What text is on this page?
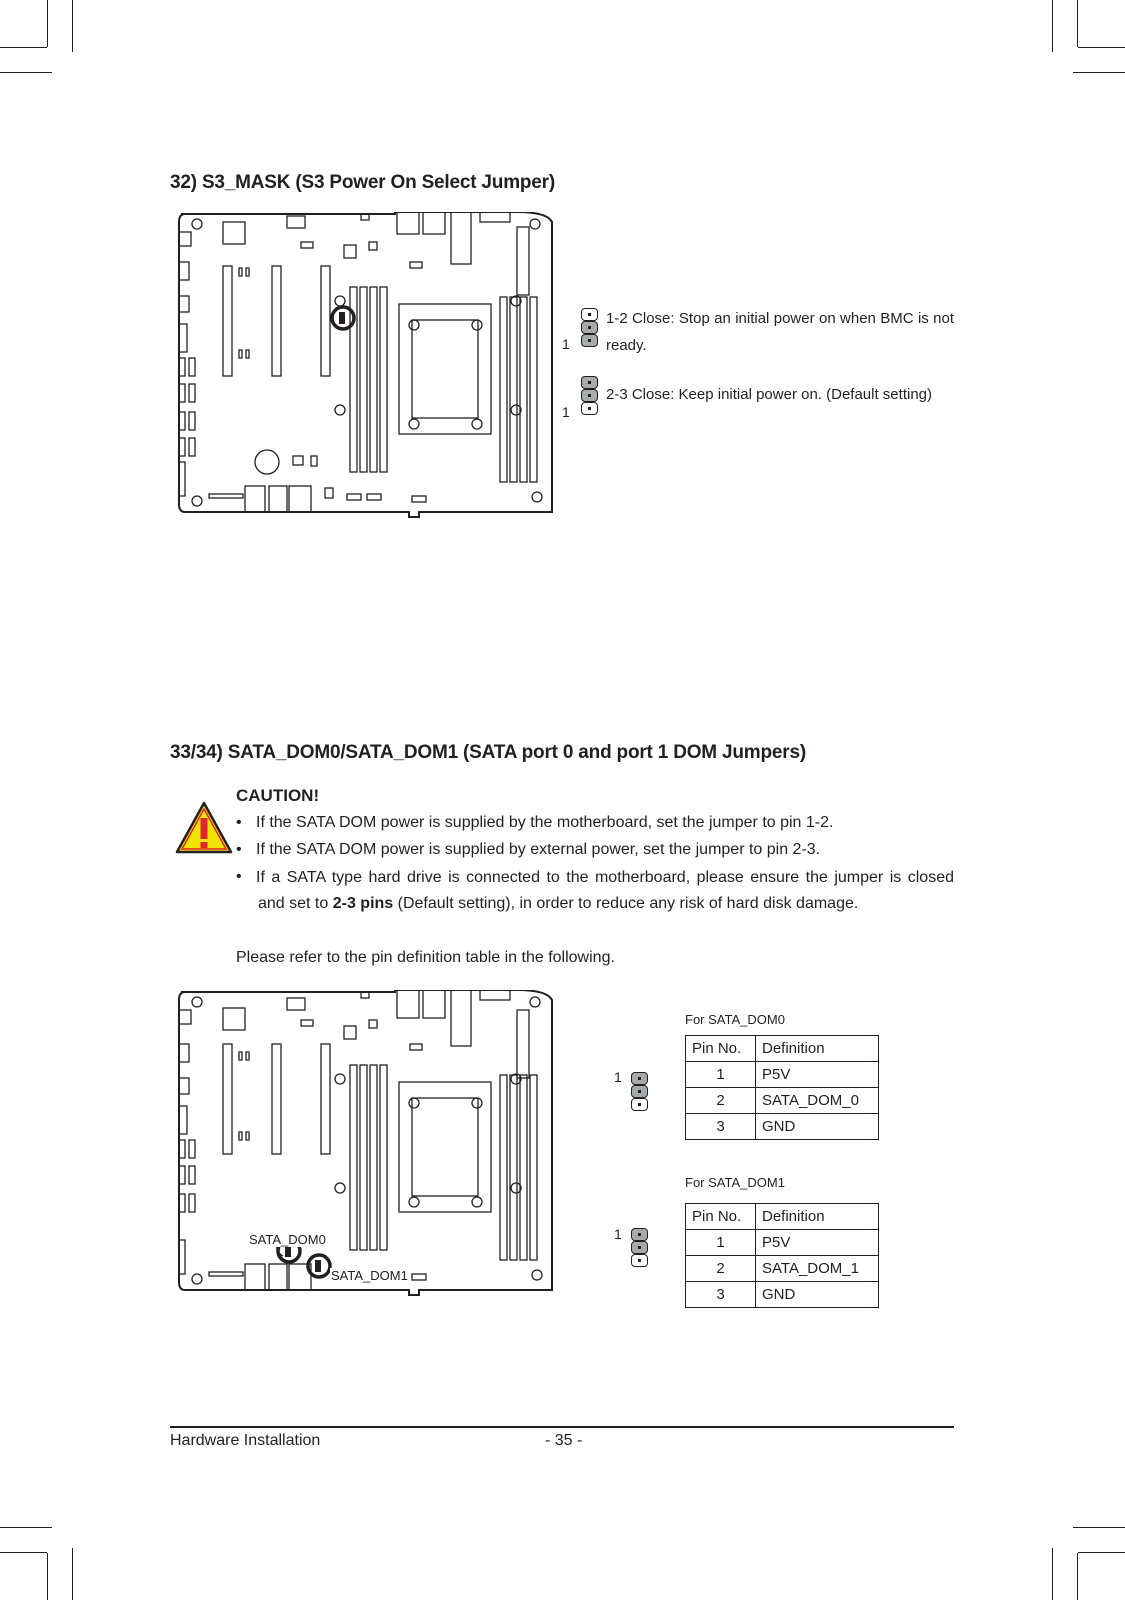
32) S3_MASK (S3 Power On Select Jumper)
1
1
1-2 Close: Stop an initial power on when BMC is not ready.
2-3 Close: Keep initial power on. (Default setting)
33/34) SATA_DOM0/SATA_DOM1 (SATA port 0 and port 1 DOM Jumpers)
CAUTION!
• If the SATA DOM power is supplied by the motherboard, set the jumper to pin 1-2.
• If the SATA DOM power is supplied by external power, set the jumper to pin 2-3.
• If a SATA type hard drive is connected to the motherboard, please ensure the jumper is closed
and set to 2-3 pins (Default setting), in order to reduce any risk of hard disk damage.
Please refer to the pin definition table in the following.
SATA_DOM0
SATA_DOM1
1
1
For SATA_DOM0
Pin No.	Definition
1	P5V
2	SATA_DOM_0
3	GND
For SATA_DOM1
Pin No.	Definition
1	P5V
2	SATA_DOM_1
3	GND
Hardware Installation	- 35 -
